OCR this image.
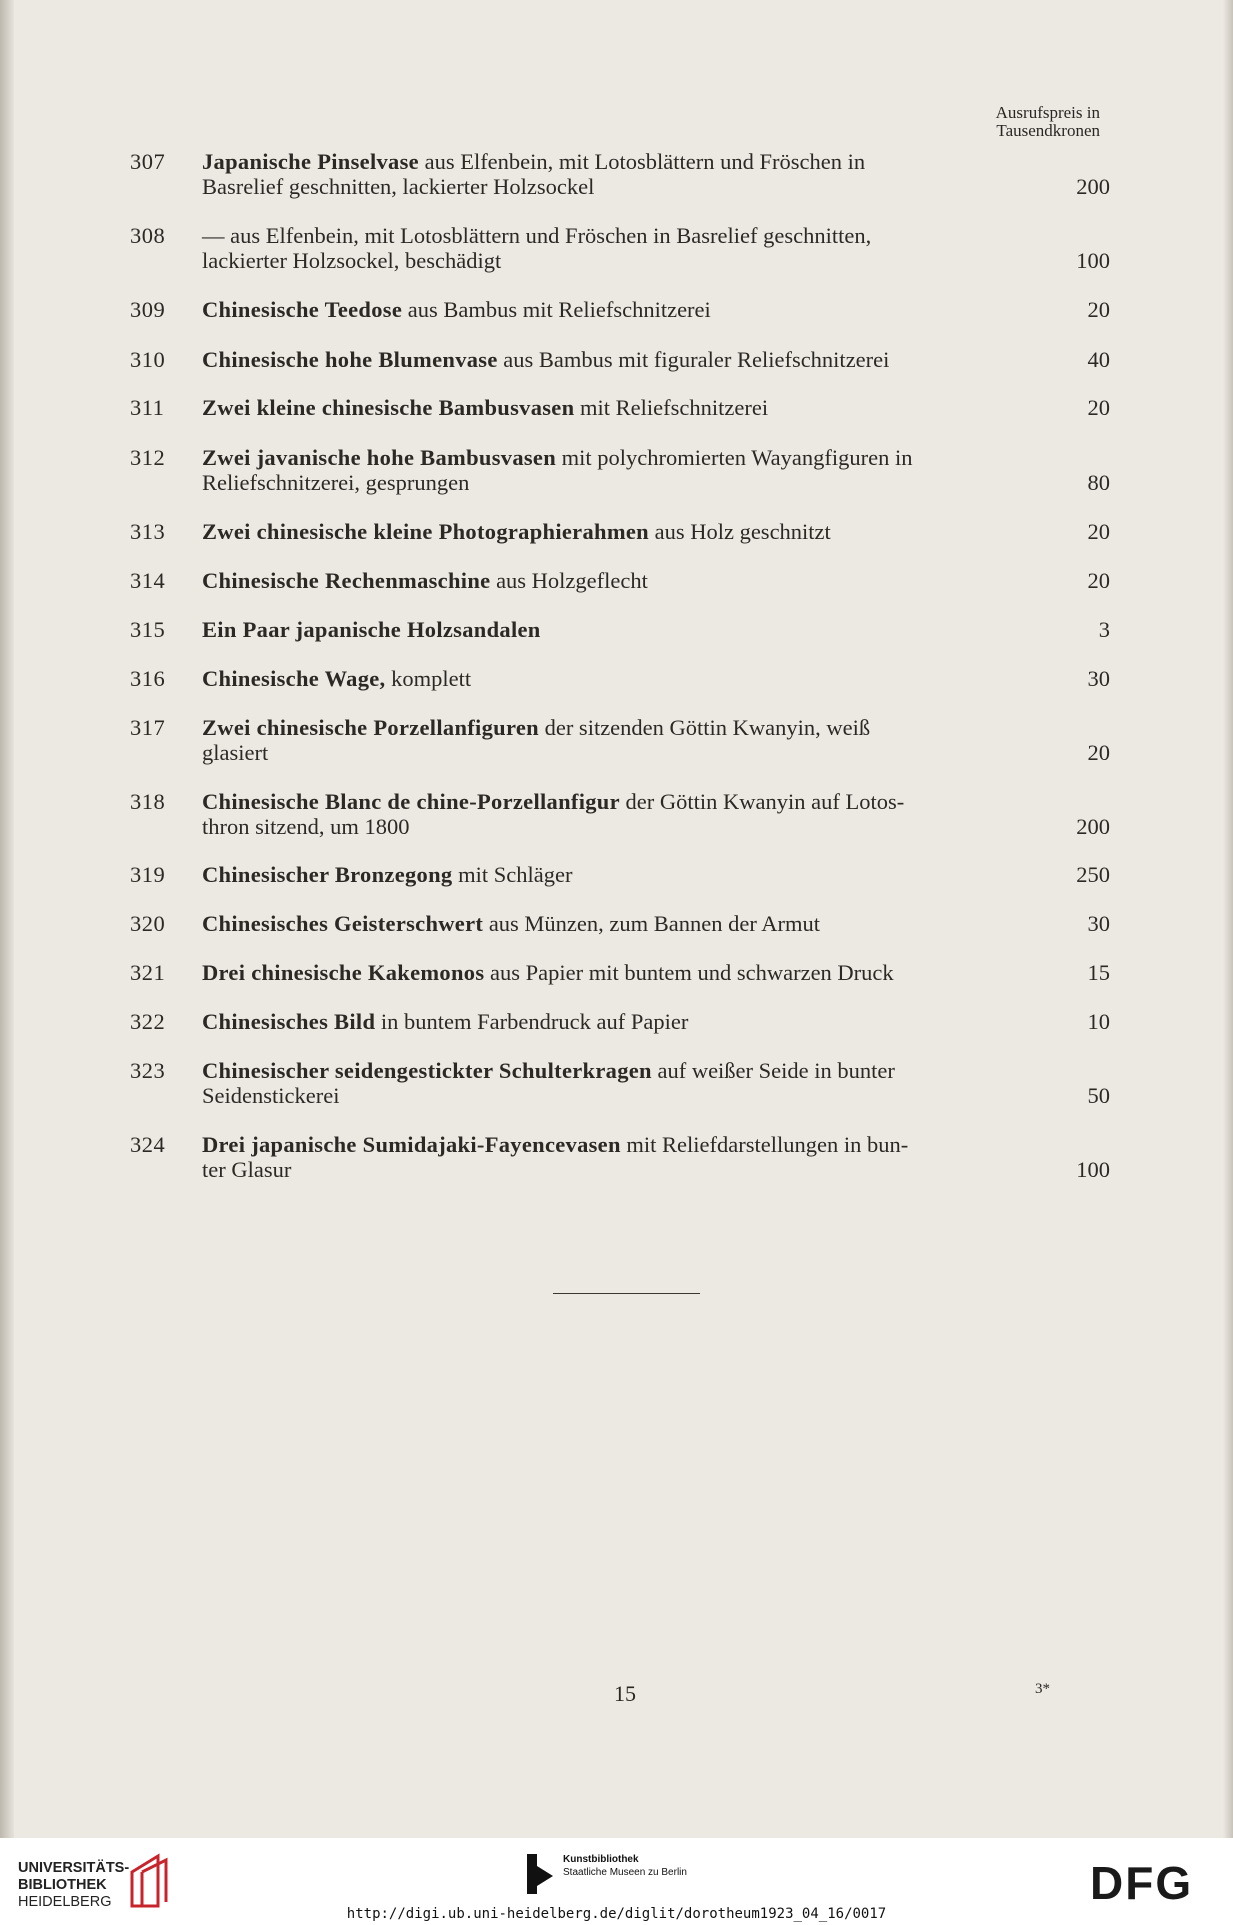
Ausrufspreis in
Tausendkronen
307	Japanische Pinselvase aus Elfenbein, mit Lotosblättern und Fröschen in
Basrelief geschnitten, lackierter Holzsockel	200
308	— aus Elfenbein, mit Lotosblättern und Fröschen in Basrelief geschnitten,
lackierter Holzsockel, beschädigt	100
309	Chinesische Teedose aus Bambus mit Reliefschnitzerei	20
310	Chinesische hohe Blumenvase aus Bambus mit figuraler Reliefschnitzerei	40
311	Zwei kleine chinesische Bambusvasen mit Reliefschnitzerei	20
312	Zwei javanische hohe Bambusvasen mit polychromierten Wayangfiguren in
Reliefschnitzerei, gesprungen	80
313	Zwei chinesische kleine Photographierahmen aus Holz geschnitzt	20
314	Chinesische Rechenmaschine aus Holzgeflecht	20
315	Ein Paar japanische Holzsandalen	3
316	Chinesische Wage, komplett	30
317	Zwei chinesische Porzellanfiguren der sitzenden Göttin Kwanyin, weiß
glasiert	20
318	Chinesische Blanc de chine-Porzellanfigur der Göttin Kwanyin auf Lotos-
thron sitzend, um 1800	200
319	Chinesischer Bronzegong mit Schläger	250
320	Chinesisches Geisterschwert aus Münzen, zum Bannen der Armut	30
321	Drei chinesische Kakemonos aus Papier mit buntem und schwarzen Druck	15
322	Chinesisches Bild in buntem Farbendruck auf Papier	10
323	Chinesischer seidengestickter Schulterkragen auf weißer Seide in bunter
Seidenstickerei	50
324	Drei japanische Sumidajaki-Fayencevasen mit Reliefdarstellungen in bun-
ter Glasur	100
15	3*
UNIVERSITÄTS-
BIBLIOTHEK
HEIDELBERG
Kunstbibliothek
Staatliche Museen zu Berlin	DFG
http://digi.ub.uni-heidelberg.de/diglit/dorotheum1923_04_16/0017
